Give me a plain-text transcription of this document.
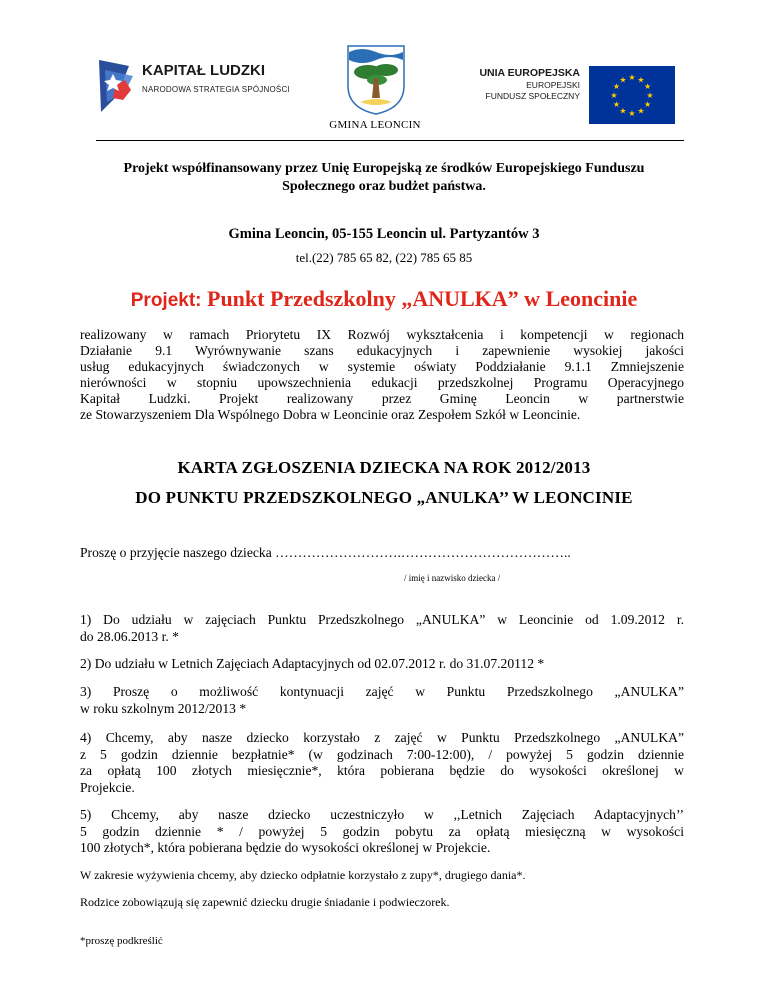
KAPITAŁ LUDZKI
NARODOWA STRATEGIA SPÓJNOŚCI
GMINA LEONCIN
UNIA EUROPEJSKA
EUROPEJSKI
FUNDUSZ SPOŁECZNY
★ ★
★
★
★
★
★
★
★
★
★
★
Projekt współfinansowany przez Unię Europejską ze środków Europejskiego Funduszu
Społecznego oraz budżet państwa.
Gmina Leoncin, 05-155 Leoncin ul. Partyzantów 3
tel.(22) 785 65 82, (22) 785 65 85
Projekt: Punkt Przedszkolny „ANULKA” w Leoncinie
realizowany w ramach Priorytetu IX Rozwój wykształcenia i kompetencji w regionach
Działanie 9.1 Wyrównywanie szans edukacyjnych i zapewnienie wysokiej jakości
usług edukacyjnych świadczonych w systemie oświaty Poddziałanie 9.1.1 Zmniejszenie
nierówności w stopniu upowszechnienia edukacji przedszkolnej Programu Operacyjnego
Kapitał Ludzki. Projekt realizowany przez Gminę Leoncin w partnerstwie
ze Stowarzyszeniem Dla Wspólnego Dobra w Leoncinie oraz Zespołem Szkół w Leoncinie.
KARTA ZGŁOSZENIA DZIECKA NA ROK 2012/2013
DO PUNKTU PRZEDSZKOLNEGO „ANULKA’’ W LEONCINIE
Proszę o przyjęcie naszego dziecka ……………………….………………………………..
/ imię i nazwisko dziecka /
1) Do udziału w zajęciach Punktu Przedszkolnego „ANULKA” w Leoncinie od 1.09.2012 r.
do 28.06.2013 r. *
2) Do udziału w Letnich Zajęciach Adaptacyjnych od 02.07.2012 r. do 31.07.20112 *
3) Proszę o możliwość kontynuacji zajęć w Punktu Przedszkolnego „ANULKA”
w roku szkolnym 2012/2013 *
4) Chcemy, aby nasze dziecko korzystało z zajęć w Punktu Przedszkolnego „ANULKA”
z 5 godzin dziennie bezpłatnie* (w godzinach 7:00-12:00), / powyżej 5 godzin dziennie
za opłatą 100 złotych miesięcznie*, która pobierana będzie do wysokości określonej w
Projekcie.
5) Chcemy, aby nasze dziecko uczestniczyło w ,,Letnich Zajęciach Adaptacyjnych’’
5 godzin dziennie * / powyżej 5 godzin pobytu za opłatą miesięczną w wysokości
100 złotych*, która pobierana będzie do wysokości określonej w Projekcie.
W zakresie wyżywienia chcemy, aby dziecko odpłatnie korzystało z zupy*, drugiego dania*.
Rodzice zobowiązują się zapewnić dziecku drugie śniadanie i podwieczorek.
*proszę podkreślić
